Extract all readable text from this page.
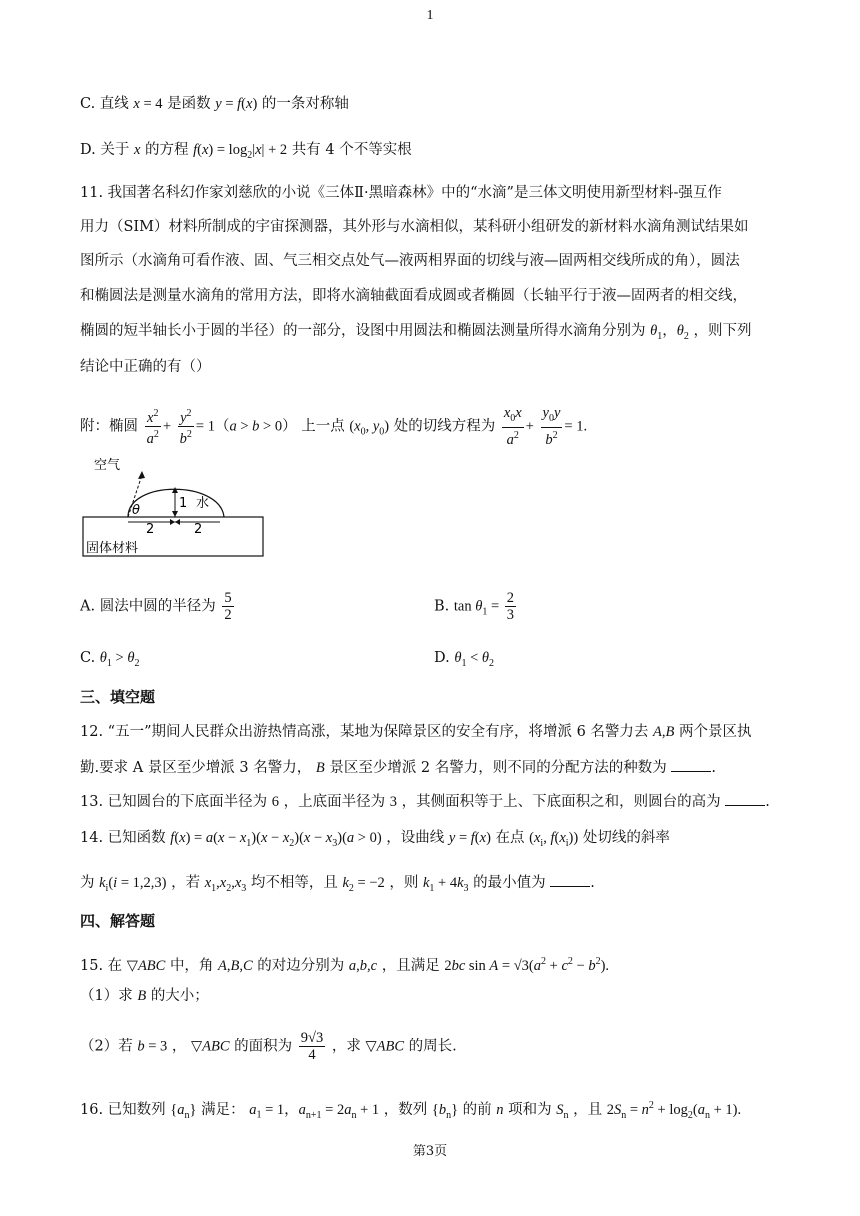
1
C. 直线 x = 4 是函数 y = f(x) 的一条对称轴
D. 关于 x 的方程 $f(x) = \log_2|x| + 2$ 共有 4 个不等实根
11. 我国著名科幻作家刘慈欣的小说《三体Ⅱ·黑暗森林》中的“水滴”是三体文明使用新型材料-强互作
用力（SIM）材料所制成的宇宙探测器，其外形与水滴相似，某科研小组研发的新材料水滴角测试结果如
图所示（水滴角可看作液、固、气三相交点处气—液两相界面的切线与液—固两相交线所成的角），圆法
和椭圆法是测量水滴角的常用方法，即将水滴轴截面看成圆或者椭圆（长轴平行于液—固两者的相交线，
椭圆的短半轴长小于圆的半径）的一部分，设图中用圆法和椭圆法测量所得水滴角分别为 $\theta_1$，$\theta_2$ ，则下列
结论中正确的有（）
附：椭圆 $\frac{x^2}{a^2} + \frac{y^2}{b^2} = 1(a > b > 0)$ 上一点 ($x_0$, $y_0$) 处的切线方程为 $\frac{x_0x}{a^2} + \frac{y_0y}{b^2} = 1$.
空气
1 水
θ
2	2
固体材料
A. 圆法中圆的半径为 $\frac{5}{2}$	B. $\tan \theta_1 = \frac{2}{3}$
C. $\theta_1 > \theta_2$	D. $\theta_1 < \theta_2$
三、填空题
12. “五一”期间人民群众出游热情高涨，某地为保障景区的安全有序，将增派 6 名警力去 A,B 两个景区执
勤.要求 A 景区至少增派 3 名警力， B 景区至少增派 2 名警力，则不同的分配方法的种数为	.
13. 已知圆台的下底面半径为 6 ，上底面半径为 3 ，其侧面积等于上、下底面积之和，则圆台的高为	.
14. 已知函数 $f(x) = a(x - x_1)(x - x_2)(x - x_3)(a > 0)$ ，设曲线 y = f(x) 在点 ($x_i$, $f(x_i)$) 处切线的斜率
为 $k_i(i = 1,2,3)$ ，若 $x_1,x_2,x_3$ 均不相等，且 $k_2 = -2$ ，则 $k_1 + 4k_3$ 的最小值为	.
四、解答题
15. 在 ▽ABC 中，角 A,B,C 的对边分别为 a,b,c ，且满足 2bc $\sin A = √3(a^2 + c^2 - b^2)$.
（1）求 B 的大小；
（2）若 b = 3 ， ▽ABC 的面积为 $\frac{9√3}{4}$ ，求 ▽ABC 的周长.
16. 已知数列 $\{a_n\}$ 满足： $a_1 = 1$，$a_{n+1} = 2a_n + 1$ ，数列 $\{b_n\}$ 的前 n 项和为 $S_n$ ，且 $2S_n = n^2 + \log_2(a_n + 1)$.
第3页
